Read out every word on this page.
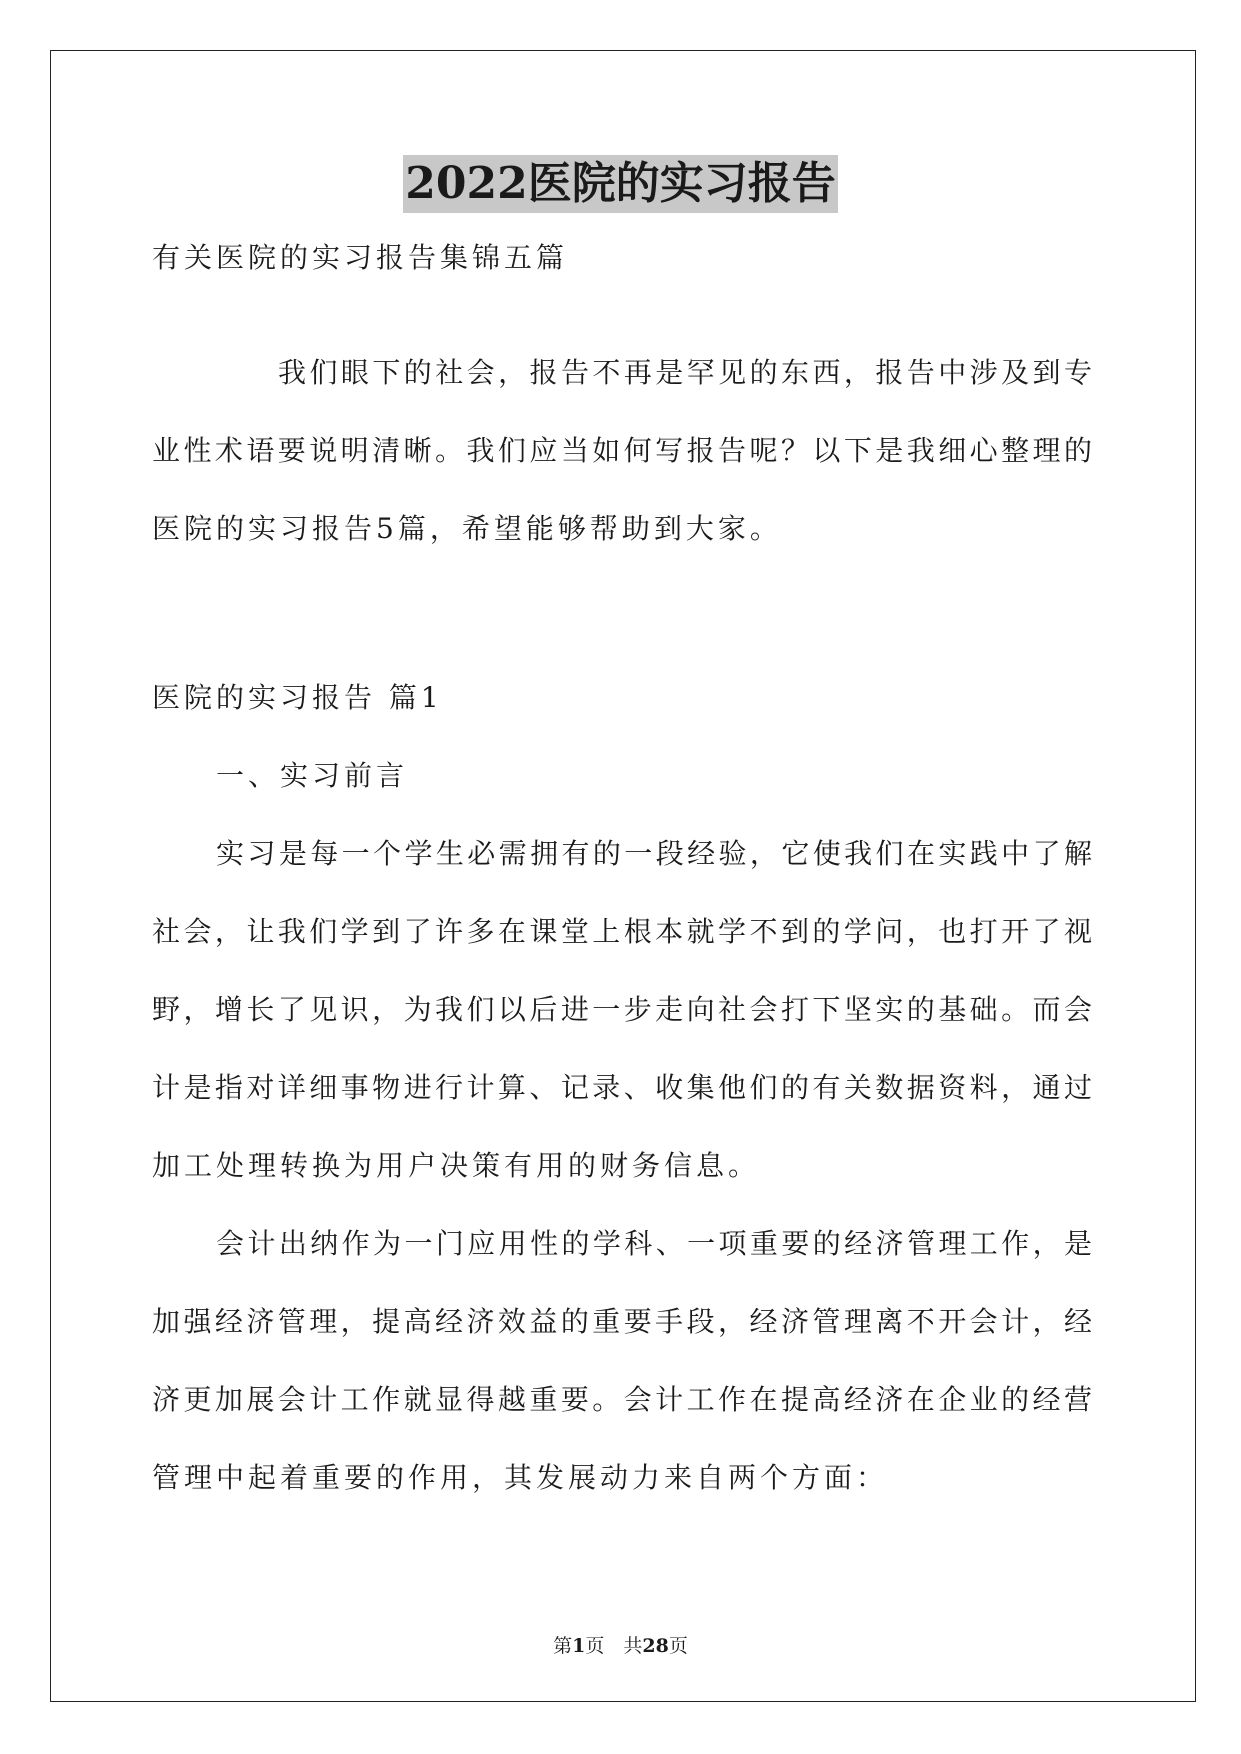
2022医院的实习报告

有关医院的实习报告集锦五篇

我们眼下的社会，报告不再是罕见的东西，报告中涉及到专

业性术语要说明清晰。我们应当如何写报告呢？以下是我细心整理的

医院的实习报告5篇，希望能够帮助到大家。

医院的实习报告 篇1

一、实习前言

实习是每一个学生必需拥有的一段经验，它使我们在实践中了解

社会，让我们学到了许多在课堂上根本就学不到的学问，也打开了视

野，增长了见识，为我们以后进一步走向社会打下坚实的基础。而会

计是指对详细事物进行计算、记录、收集他们的有关数据资料，通过

加工处理转换为用户决策有用的财务信息。

会计出纳作为一门应用性的学科、一项重要的经济管理工作，是

加强经济管理，提高经济效益的重要手段，经济管理离不开会计，经

济更加展会计工作就显得越重要。会计工作在提高经济在企业的经营

管理中起着重要的作用，其发展动力来自两个方面：

第1页　共28页
